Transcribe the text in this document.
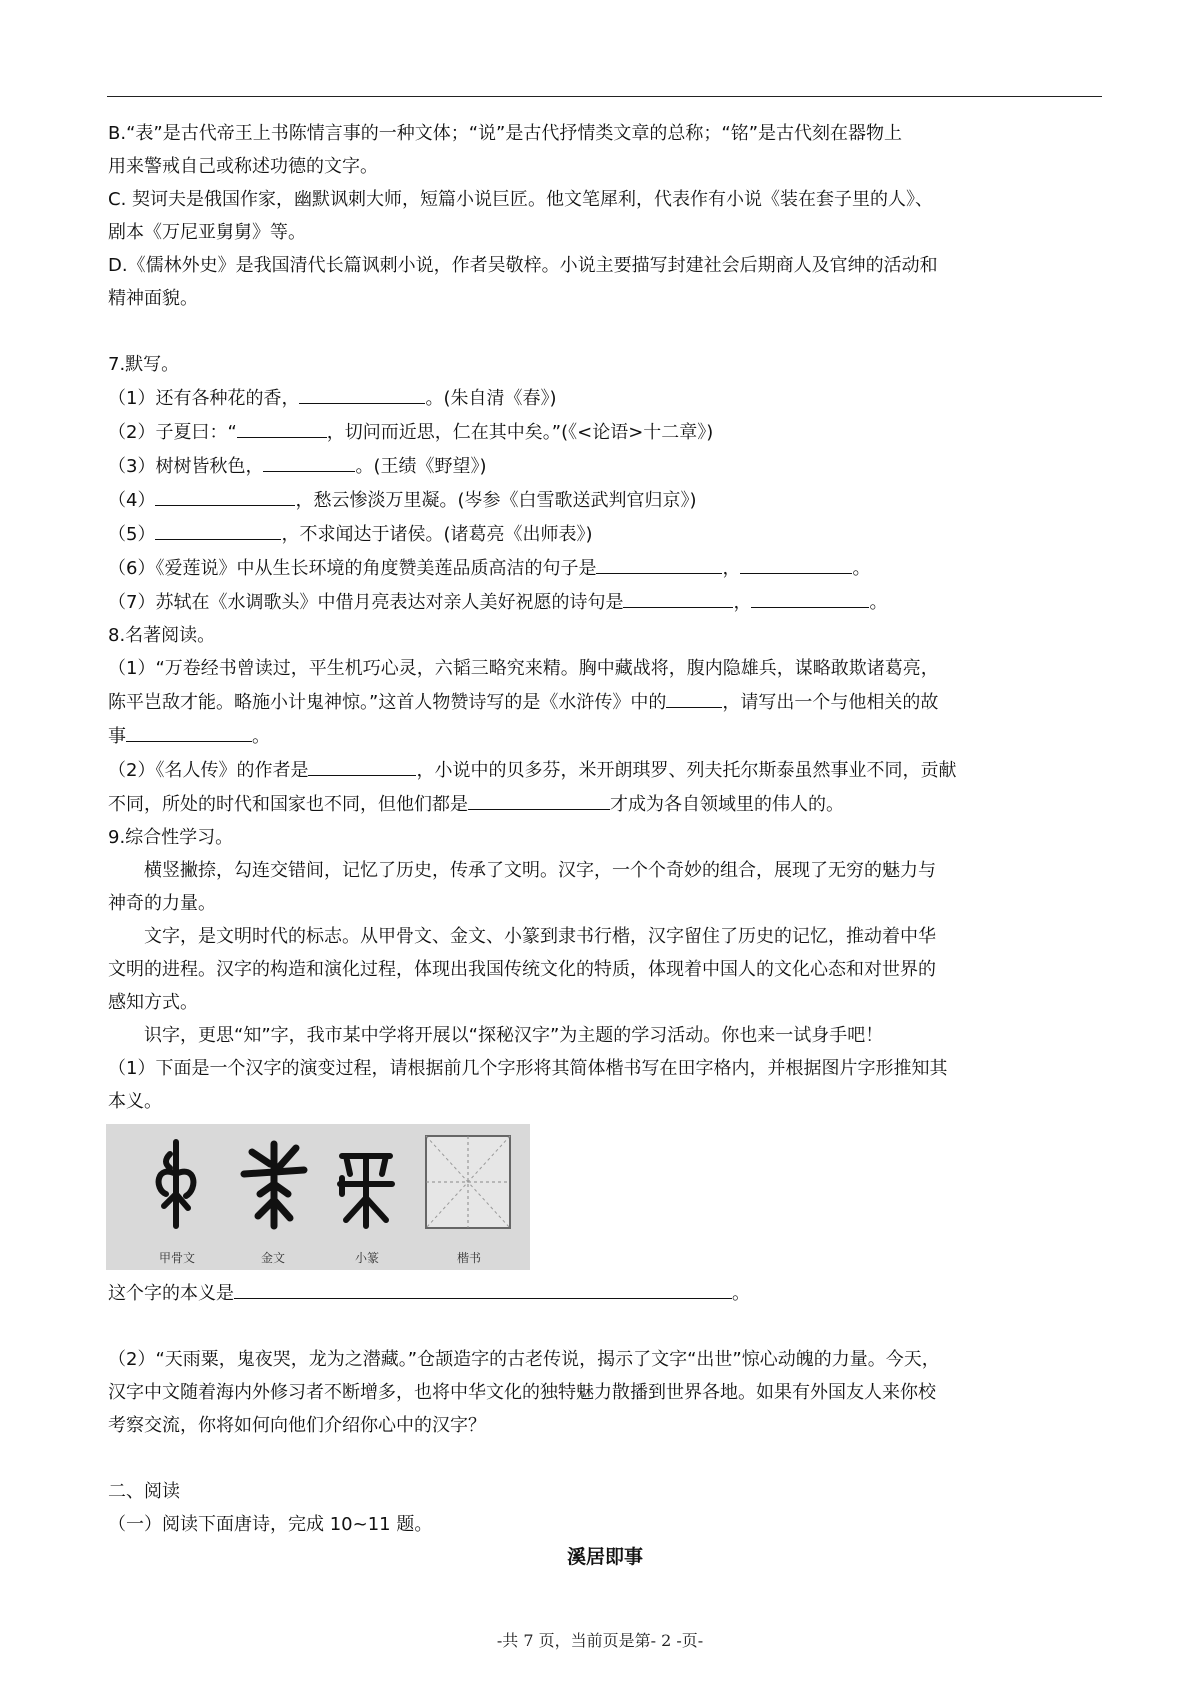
B.“表”是古代帝王上书陈情言事的一种文体；“说”是古代抒情类文章的总称；“铭”是古代刻在器物上

用来警戒自己或称述功德的文字。

C. 契诃夫是俄国作家，幽默讽刺大师，短篇小说巨匠。他文笔犀利，代表作有小说《装在套子里的人》、

剧本《万尼亚舅舅》等。

D.《儒林外史》是我国清代长篇讽刺小说，作者吴敬梓。小说主要描写封建社会后期商人及官绅的活动和

精神面貌。

7.默写。

（1）还有各种花的香，	。(朱自清《春》)

（2）子夏曰：“	，切问而近思，仁在其中矣。”(《<论语>十二章》)

（3）树树皆秋色，	。(王绩《野望》)

（4）	，愁云惨淡万里凝。(岑参《白雪歌送武判官归京》)

（5）	，不求闻达于诸侯。(诸葛亮《出师表》)

（6）《爱莲说》中从生长环境的角度赞美莲品质高洁的句子是	，	。

（7）苏轼在《水调歌头》中借月亮表达对亲人美好祝愿的诗句是	，	。

8.名著阅读。

（1）“万卷经书曾读过，平生机巧心灵，六韬三略究来精。胸中藏战将，腹内隐雄兵，谋略敢欺诸葛亮，

陈平岂敌才能。略施小计鬼神惊。”这首人物赞诗写的是《水浒传》中的	，请写出一个与他相关的故

事	。

（2）《名人传》的作者是	，小说中的贝多芬，米开朗琪罗、列夫托尔斯泰虽然事业不同，贡献

不同，所处的时代和国家也不同，但他们都是	才成为各自领域里的伟人的。

9.综合性学习。

横竖撇捺，勾连交错间，记忆了历史，传承了文明。汉字，一个个奇妙的组合，展现了无穷的魅力与

神奇的力量。

文字，是文明时代的标志。从甲骨文、金文、小篆到隶书行楷，汉字留住了历史的记忆，推动着中华

文明的进程。汉字的构造和演化过程，体现出我国传统文化的特质，体现着中国人的文化心态和对世界的

感知方式。

识字，更思“知”字，我市某中学将开展以“探秘汉字”为主题的学习活动。你也来一试身手吧！

（1）下面是一个汉字的演变过程，请根据前几个字形将其简体楷书写在田字格内，并根据图片字形推知其

本义。

甲骨文	金文	小篆	楷书

这个字的本义是	。

（2）“天雨粟，鬼夜哭，龙为之潜藏。”仓颉造字的古老传说，揭示了文字“出世”惊心动魄的力量。今天，

汉字中文随着海内外修习者不断增多，也将中华文化的独特魅力散播到世界各地。如果有外国友人来你校

考察交流，你将如何向他们介绍你心中的汉字？

二、阅读

（一）阅读下面唐诗，完成 10~11 题。

溪居即事

-共 7 页，当前页是第- 2 -页-
